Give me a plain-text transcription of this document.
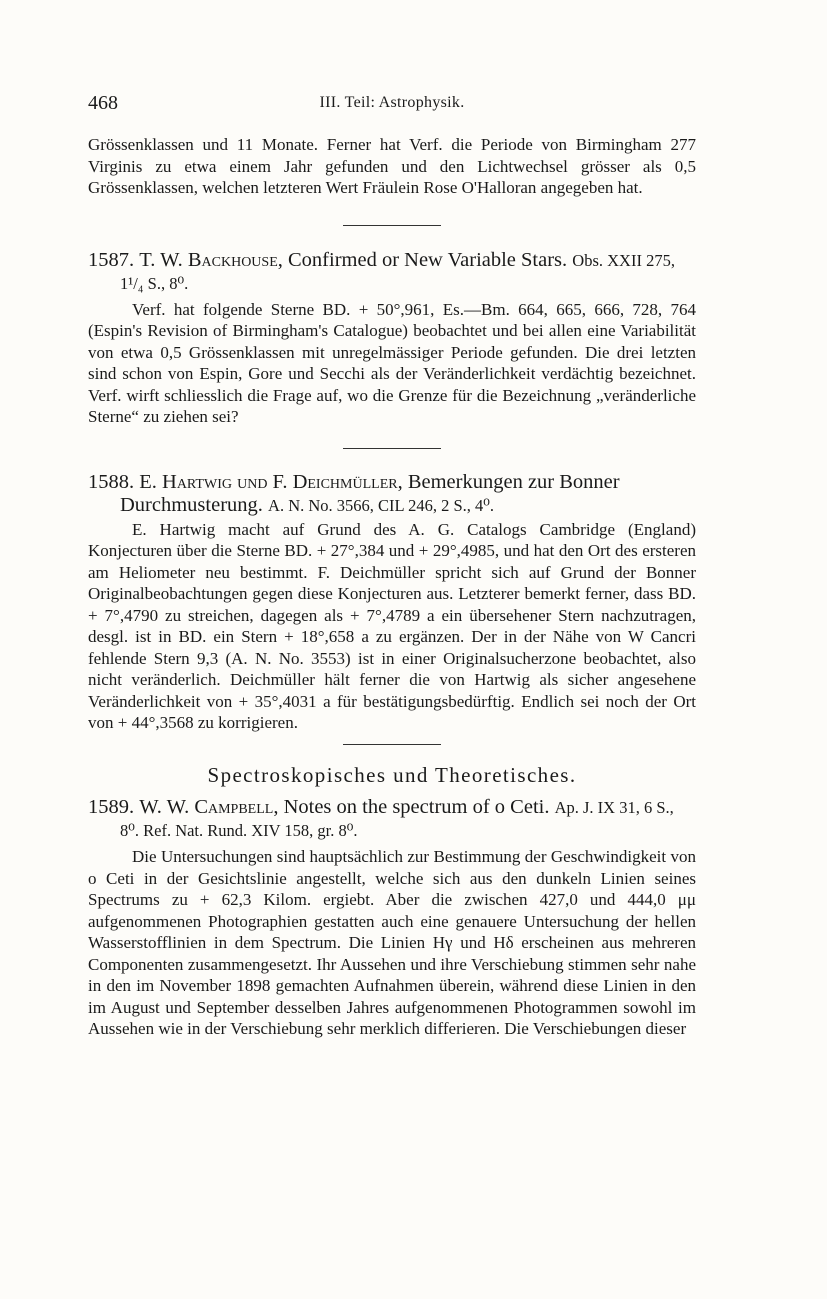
468	III. Teil: Astrophysik.

Grössenklassen und 11 Monate. Ferner hat Verf. die Periode von Birmingham 277 Virginis zu etwa einem Jahr gefunden und den Lichtwechsel grösser als 0,5 Grössenklassen, welchen letzteren Wert Fräulein Rose O'Halloran angegeben hat.

1587. T. W. Backhouse, Confirmed or New Variable Stars. Obs. XXII 275, 1¹/₄ S., 8⁰.

Verf. hat folgende Sterne BD. + 50°,961, Es.—Bm. 664, 665, 666, 728, 764 (Espin's Revision of Birmingham's Catalogue) beobachtet und bei allen eine Variabilität von etwa 0,5 Grössenklassen mit unregelmässiger Periode gefunden. Die drei letzten sind schon von Espin, Gore und Secchi als der Veränderlichkeit verdächtig bezeichnet. Verf. wirft schliesslich die Frage auf, wo die Grenze für die Bezeichnung „veränderliche Sterne“ zu ziehen sei?

1588. E. Hartwig und F. Deichmüller, Bemerkungen zur Bonner Durchmusterung. A. N. No. 3566, CIL 246, 2 S., 4⁰.

E. Hartwig macht auf Grund des A. G. Catalogs Cambridge (England) Konjecturen über die Sterne BD. + 27°,384 und + 29°,4985, und hat den Ort des ersteren am Heliometer neu bestimmt. F. Deichmüller spricht sich auf Grund der Bonner Originalbeobachtungen gegen diese Konjecturen aus. Letzterer bemerkt ferner, dass BD. + 7°,4790 zu streichen, dagegen als + 7°,4789 a ein übersehener Stern nachzutragen, desgl. ist in BD. ein Stern + 18°,658 a zu ergänzen. Der in der Nähe von W Cancri fehlende Stern 9,3 (A. N. No. 3553) ist in einer Originalsucherzone beobachtet, also nicht veränderlich. Deichmüller hält ferner die von Hartwig als sicher angesehene Veränderlichkeit von + 35°,4031 a für bestätigungsbedürftig. Endlich sei noch der Ort von + 44°,3568 zu korrigieren.

Spectroskopisches und Theoretisches.

1589. W. W. Campbell, Notes on the spectrum of ο Ceti. Ap. J. IX 31, 6 S., 8⁰. Ref. Nat. Rund. XIV 158, gr. 8⁰.

Die Untersuchungen sind hauptsächlich zur Bestimmung der Geschwindigkeit von ο Ceti in der Gesichtslinie angestellt, welche sich aus den dunkeln Linien seines Spectrums zu + 62,3 Kilom. ergiebt. Aber die zwischen 427,0 und 444,0 μμ aufgenommenen Photographien gestatten auch eine genauere Untersuchung der hellen Wasserstofflinien in dem Spectrum. Die Linien Hγ und Hδ erscheinen aus mehreren Componenten zusammengesetzt. Ihr Aussehen und ihre Verschiebung stimmen sehr nahe in den im November 1898 gemachten Aufnahmen überein, während diese Linien in den im August und September desselben Jahres aufgenommenen Photogrammen sowohl im Aussehen wie in der Verschiebung sehr merklich differieren. Die Verschiebungen dieser
